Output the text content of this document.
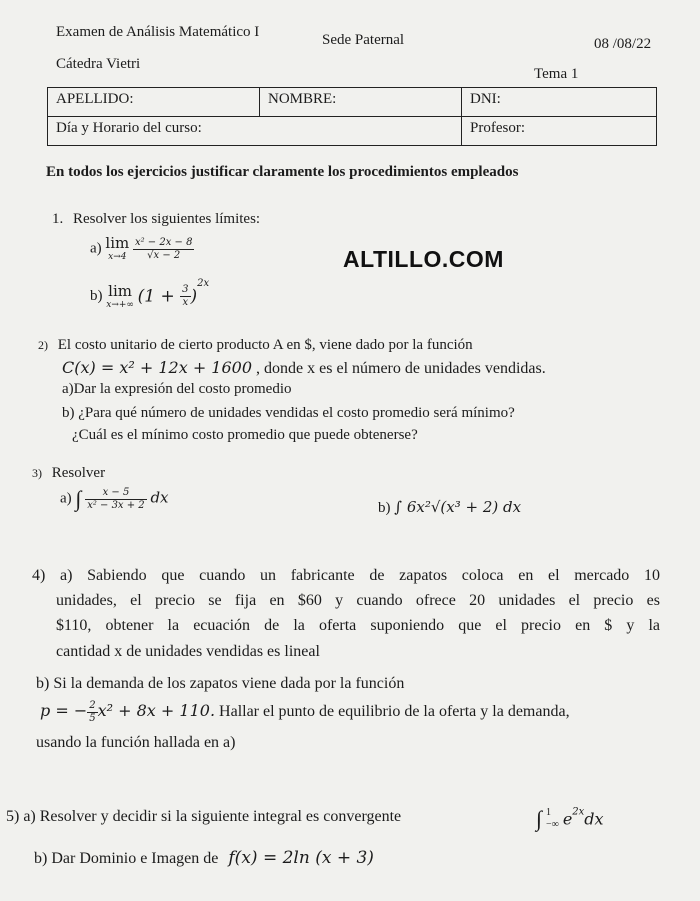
Examen de Análisis Matemático I	Sede Paternal	08 /08/22
Cátedra Vietri
Tema 1
APELLIDO:	NOMBRE:	DNI:
Día y Horario del curso:		Profesor:
En todos los ejercicios justificar claramente los procedimientos empleados
ALTILLO.COM
1. Resolver los siguientes límites:
a) lim
x→4
$\frac{\text{x² − 2x − 8}}{√x - 2}$
b) lim
x→+∞ $(1 + \frac{3}{x} )^{2x}$
2) El costo unitario de cierto producto A en $, viene dado por la función
C(x) = x² + 12x + 1600 , donde x es el número de unidades vendidas.
a)Dar la expresión del costo promedio
b) ¿Para qué número de unidades vendidas el costo promedio será mínimo?
¿Cuál es el mínimo costo promedio que puede obtenerse?
3) Resolver
a) ∫ $\frac{x - 5}{\text{x² − 3x + 2}}$ dx
b) ∫ 6x²√(x³ + 2) dx
4) a) Sabiendo que cuando un fabricante de zapatos coloca en el mercado 10
unidades, el precio se fija en $60 y cuando ofrece 20 unidades el precio es
$110, obtener la ecuación de la oferta suponiendo que el precio en $ y la
cantidad x de unidades vendidas es lineal
b) Si la demanda de los zapatos viene dada por la función
p = − $\frac{2}{5} x^2 + 8x + 110$. Hallar el punto de equilibrio de la oferta y la demanda,
usando la función hallada en a)
5) a) Resolver y decidir si la siguiente integral es convergente	∫ 1
−∞ $e^{2x}dx$
b) Dar Dominio e Imagen de f(x) = 2ln (x + 3)
